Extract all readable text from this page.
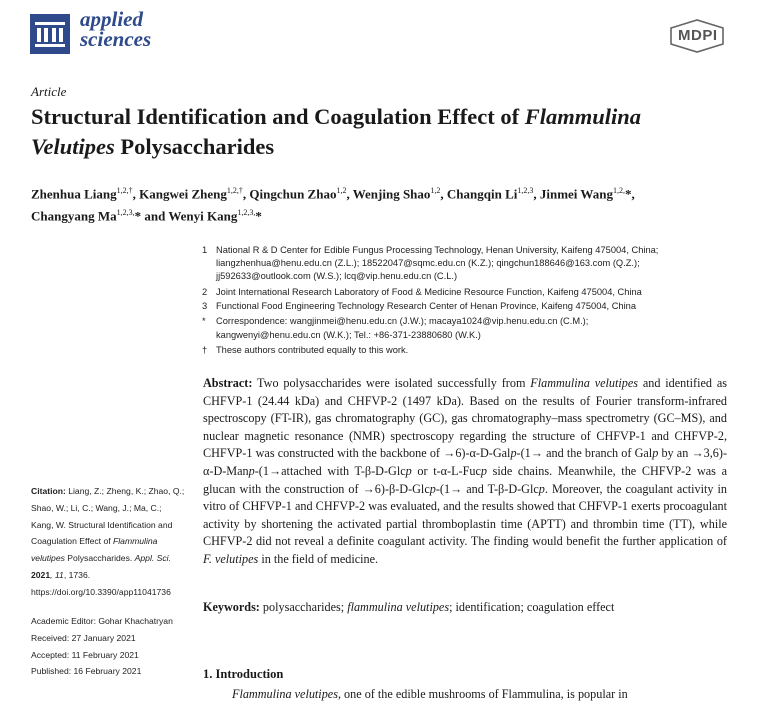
applied
sciences	MDPI
Article
Structural Identification and Coagulation Effect of Flammulina
Velutipes Polysaccharides
Zhenhua Liang$^{1,2,\dagger}$, Kangwei Zheng$^{1,2,\dagger}$, Qingchun Zhao$^{1,2}$, Wenjing Shao$^{1,2}$, Changqin Li$^{1,2,3}$, Jinmei Wang$^{1,2,}$*,
Changyang $Ma^{1,2,3,}*$ and Wenyi Kang$^{1,2,3,}$*
1 National R & D Center for Edible Fungus Processing Technology, Henan University, Kaifeng 475004, China;
liangzhenhua@henu.edu.cn (Z.L.); 18522047@sqmc.edu.cn (K.Z.); qingchun188646@163.com (Q.Z.);
jj592633@outlook.com (W.S.); lcq@vip.henu.edu.cn (C.L.)
2 Joint International Research Laboratory of Food & Medicine Resource Function, Kaifeng 475004, China
3 Functional Food Engineering Technology Research Center of Henan Province, Kaifeng 475004, China
*	Correspondence: wangjinmei@henu.edu.cn (J.W.); macaya1024@vip.henu.edu.cn (C.M.);
kangwenyi@henu.edu.cn (W.K.); Tel.: +86-371-23880680 (W.K.)
† These authors contributed equally to this work.
Abstract: Two polysaccharides were isolated successfully from Flammulina velutipes and identified as CHFVP-1 (24.44 kDa) and CHFVP-2 (1497 kDa). Based on the results of Fourier transform-infrared spectroscopy (FT-IR), gas chromatography (GC), gas chromatography–mass spectrometry (GC–MS), and nuclear magnetic resonance (NMR) spectroscopy regarding the structure of CHFVP-1 and CHFVP-2, CHFVP-1 was constructed with the backbone of →6)-α-D-Galp-(1→ and the branch of Galp by an →3,6)-α-D-Manp-(1→attached with T-β-D-Glcp or t-α-L-Fucp side chains. Meanwhile, the CHFVP-2 was a glucan with the construction of →6)-β-D-Glcp-(1→ and T-β-D-Glcp. Moreover, the coagulant activity in vitro of CHFVP-1 and CHFVP-2 was evaluated, and the results showed that CHFVP-1 exerts procoagulant activity by shortening the activated partial thromboplastin time (APTT) and thrombin time (TT), while CHFVP-2 did not reveal a definite coagulant activity. The finding would benefit the further application of F. velutipes in the field of medicine.
Keywords: polysaccharides; flammulina velutipes; identification; coagulation effect
1. Introduction
Flammulina velutipes, one of the edible mushrooms of Flammulina, is popular in
Citation: Liang, Z.; Zheng, K.; Zhao, Q.; Shao, W.; Li, C.; Wang, J.; Ma, C.; Kang, W. Structural Identification and Coagulation Effect of Flammulina velutipes Polysaccharides. Appl. Sci. 2021, 11, 1736. https://doi.org/10.3390/app11041736
Academic Editor: Gohar Khachatryan
Received: 27 January 2021
Accepted: 11 February 2021
Published: 16 February 2021
